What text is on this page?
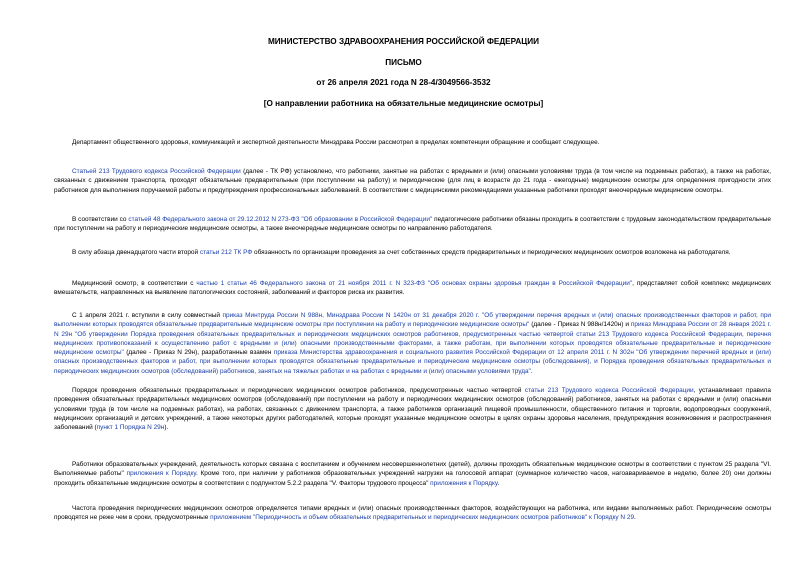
МИНИСТЕРСТВО ЗДРАВООХРАНЕНИЯ РОССИЙСКОЙ ФЕДЕРАЦИИ
ПИСЬМО
от 26 апреля 2021 года N 28-4/3049566-3532
[О направлении работника на обязательные медицинские осмотры]

Департамент общественного здоровья, коммуникаций и экспертной деятельности Минздрава России рассмотрел в пределах компетенции обращение и сообщает следующее.

Статьей 213 Трудового кодекса Российской Федерации (далее - ТК РФ) установлено, что работники, занятые на работах с вредными и (или) опасными условиями труда (в том числе на подземных работах), а также на работах, связанных с движением транспорта, проходят обязательные предварительные (при поступлении на работу) и периодические (для лиц в возрасте до 21 года - ежегодные) медицинские осмотры для определения пригодности этих работников для выполнения поручаемой работы и предупреждения профессиональных заболеваний. В соответствии с медицинскими рекомендациями указанные работники проходят внеочередные медицинские осмотры.

В соответствии со статьей 48 Федерального закона от 29.12.2012 N 273-ФЗ "Об образовании в Российской Федерации" педагогические работники обязаны проходить в соответствии с трудовым законодательством предварительные при поступлении на работу и периодические медицинские осмотры, а также внеочередные медицинские осмотры по направлению работодателя.

В силу абзаца двенадцатого части второй статьи 212 ТК РФ обязанность по организации проведения за счет собственных средств предварительных и периодических медицинских осмотров возложена на работодателя.

Медицинский осмотр, в соответствии с частью 1 статьи 46 Федерального закона от 21 ноября 2011 г. N 323-ФЗ "Об основах охраны здоровья граждан в Российской Федерации", представляет собой комплекс медицинских вмешательств, направленных на выявление патологических состояний, заболеваний и факторов риска их развития.

С 1 апреля 2021 г. вступили в силу совместный приказ Минтруда России N 988н, Минздрава России N 1420н от 31 декабря 2020 г. "Об утверждении перечня вредных и (или) опасных производственных факторов и работ, при выполнении которых проводятся обязательные предварительные медицинские осмотры при поступлении на работу и периодические медицинские осмотры" (далее - Приказ N 988н/1420н) и приказ Минздрава России от 28 января 2021 г. N 29н "Об утверждении Порядка проведения обязательных предварительных и периодических медицинских осмотров работников, предусмотренных частью четвертой статьи 213 Трудового кодекса Российской Федерации, перечня медицинских противопоказаний к осуществлению работ с вредными и (или) опасными производственными факторами, а также работам, при выполнении которых проводятся обязательные предварительные и периодические медицинские осмотры" (далее - Приказ N 29н), разработанные взамен приказа Министерства здравоохранения и социального развития Российской Федерации от 12 апреля 2011 г. N 302н "Об утверждении перечней вредных и (или) опасных производственных факторов и работ, при выполнении которых проводятся обязательные предварительные и периодические медицинские осмотры (обследования), и Порядка проведения обязательных предварительных и периодических медицинских осмотров (обследований) работников, занятых на тяжелых работах и на работах с вредными и (или) опасными условиями труда".

Порядок проведения обязательных предварительных и периодических медицинских осмотров работников, предусмотренных частью четвертой статьи 213 Трудового кодекса Российской Федерации, устанавливает правила проведения обязательных предварительных медицинских осмотров (обследований) при поступлении на работу и периодических медицинских осмотров (обследований) работников, занятых на работах с вредными и (или) опасными условиями труда (в том числе на подземных работах), на работах, связанных с движением транспорта, а также работников организаций пищевой промышленности, общественного питания и торговли, водопроводных сооружений, медицинских организаций и детских учреждений, а также некоторых других работодателей, которые проходят указанные медицинские осмотры в целях охраны здоровья населения, предупреждения возникновения и распространения заболеваний (пункт 1 Порядка N 29н).

Работники образовательных учреждений, деятельность которых связана с воспитанием и обучением несовершеннолетних (детей), должны проходить обязательные медицинские осмотры в соответствии с пунктом 25 раздела "VI. Выполняемые работы" приложения к Порядку. Кроме того, при наличии у работников образовательных учреждений нагрузки на голосовой аппарат (суммарное количество часов, нагоавариваемое в неделю, более 20) они должны проходить обязательные медицинские осмотры в соответствии с подпунктом 5.2.2 раздела "V. Факторы трудового процесса" приложения к Порядку.

Частота проведения периодических медицинских осмотров определяется типами вредных и (или) опасных производственных факторов, воздействующих на работника, или видами выполняемых работ. Периодические осмотры проводятся не реже чем в сроки, предусмотренные приложением "Периодичность и объем обязательных предварительных и периодических медицинских осмотров работников" к Порядку N 29.
